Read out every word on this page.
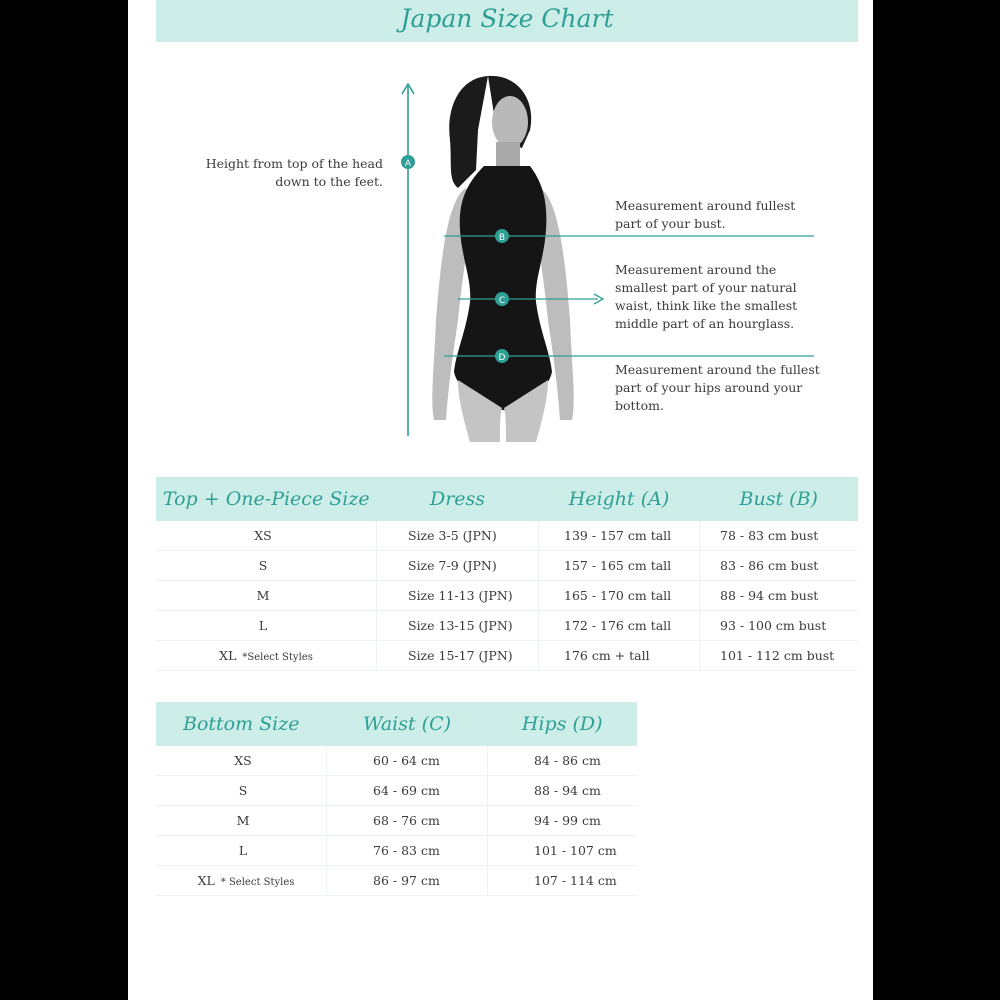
Japan Size Chart
A
B
C
D
Height from top of the head down to the feet.
Measurement around fullest part of your bust.
Measurement around the smallest part of your natural waist, think like the smallest middle part of an hourglass.
Measurement around the fullest part of your hips around your bottom.
Top + One-Piece Size	Dress	Height (A)	Bust (B)
XS	Size 3-5 (JPN)	139 - 157 cm tall	78 - 83 cm bust
S	Size 7-9 (JPN)	157 - 165 cm tall	83 - 86 cm bust
M	Size 11-13 (JPN)	165 - 170 cm tall	88 - 94 cm bust
L	Size 13-15 (JPN)	172 - 176 cm tall	93 - 100 cm bust
XL *Select Styles	Size 15-17 (JPN)	176 cm + tall	101 - 112 cm bust
Bottom Size	Waist (C)	Hips (D)
XS	60 - 64 cm	84 - 86 cm
S	64 - 69 cm	88 - 94 cm
M	68 - 76 cm	94 - 99 cm
L	76 - 83 cm	101 - 107 cm
XL * Select Styles	86 - 97 cm	107 - 114 cm
